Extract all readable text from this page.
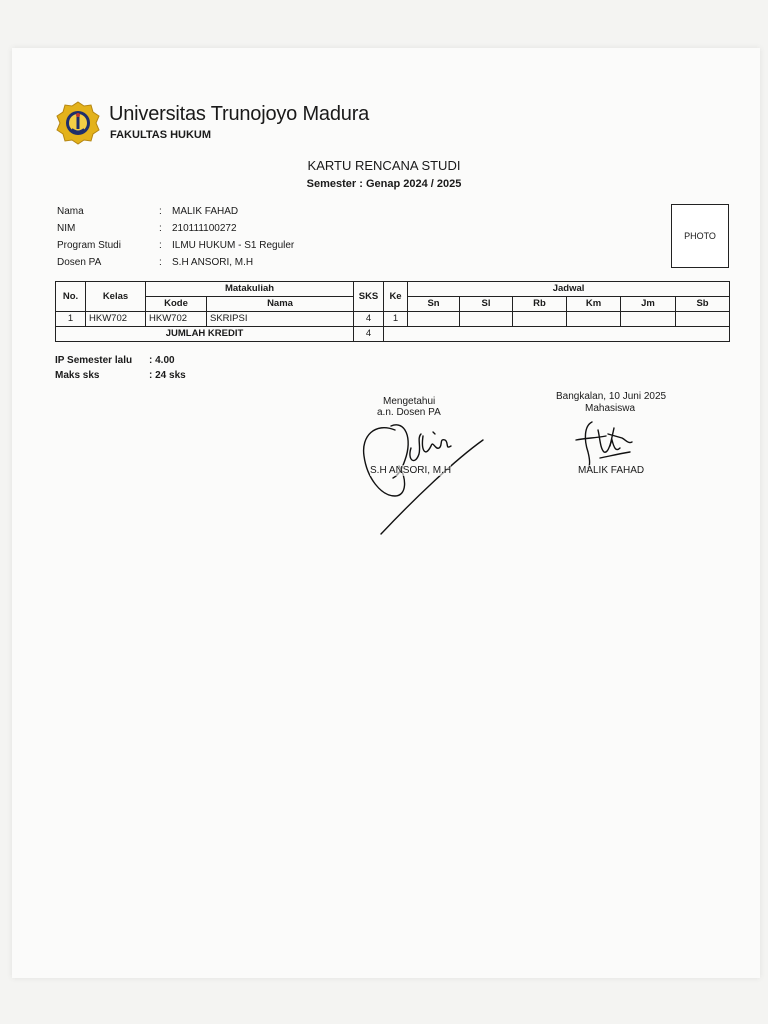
Universitas Trunojoyo Madura
FAKULTAS HUKUM
KARTU RENCANA STUDI
Semester : Genap 2024 / 2025
Nama	: MALIK FAHAD
NIM	: 210111100272
Program Studi	: ILMU HUKUM - S1 Reguler
Dosen PA	: S.H ANSORI, M.H
PHOTO
No.	Kelas	Matakuliah		SKS	Ke	Jadwal					
		Kode	Nama			Sn	Sl	Rb	Km	Jm	Sb
1	HKW702	HKW702	SKRIPSI	4	1						
JUMLAH KREDIT				4							
IP Semester lalu : 4.00
Maks sks	: 24 sks
Mengetahui
a.n. Dosen PA
S.H ANSORI, M.H
Bangkalan, 10 Juni 2025
Mahasiswa
MALIK FAHAD
